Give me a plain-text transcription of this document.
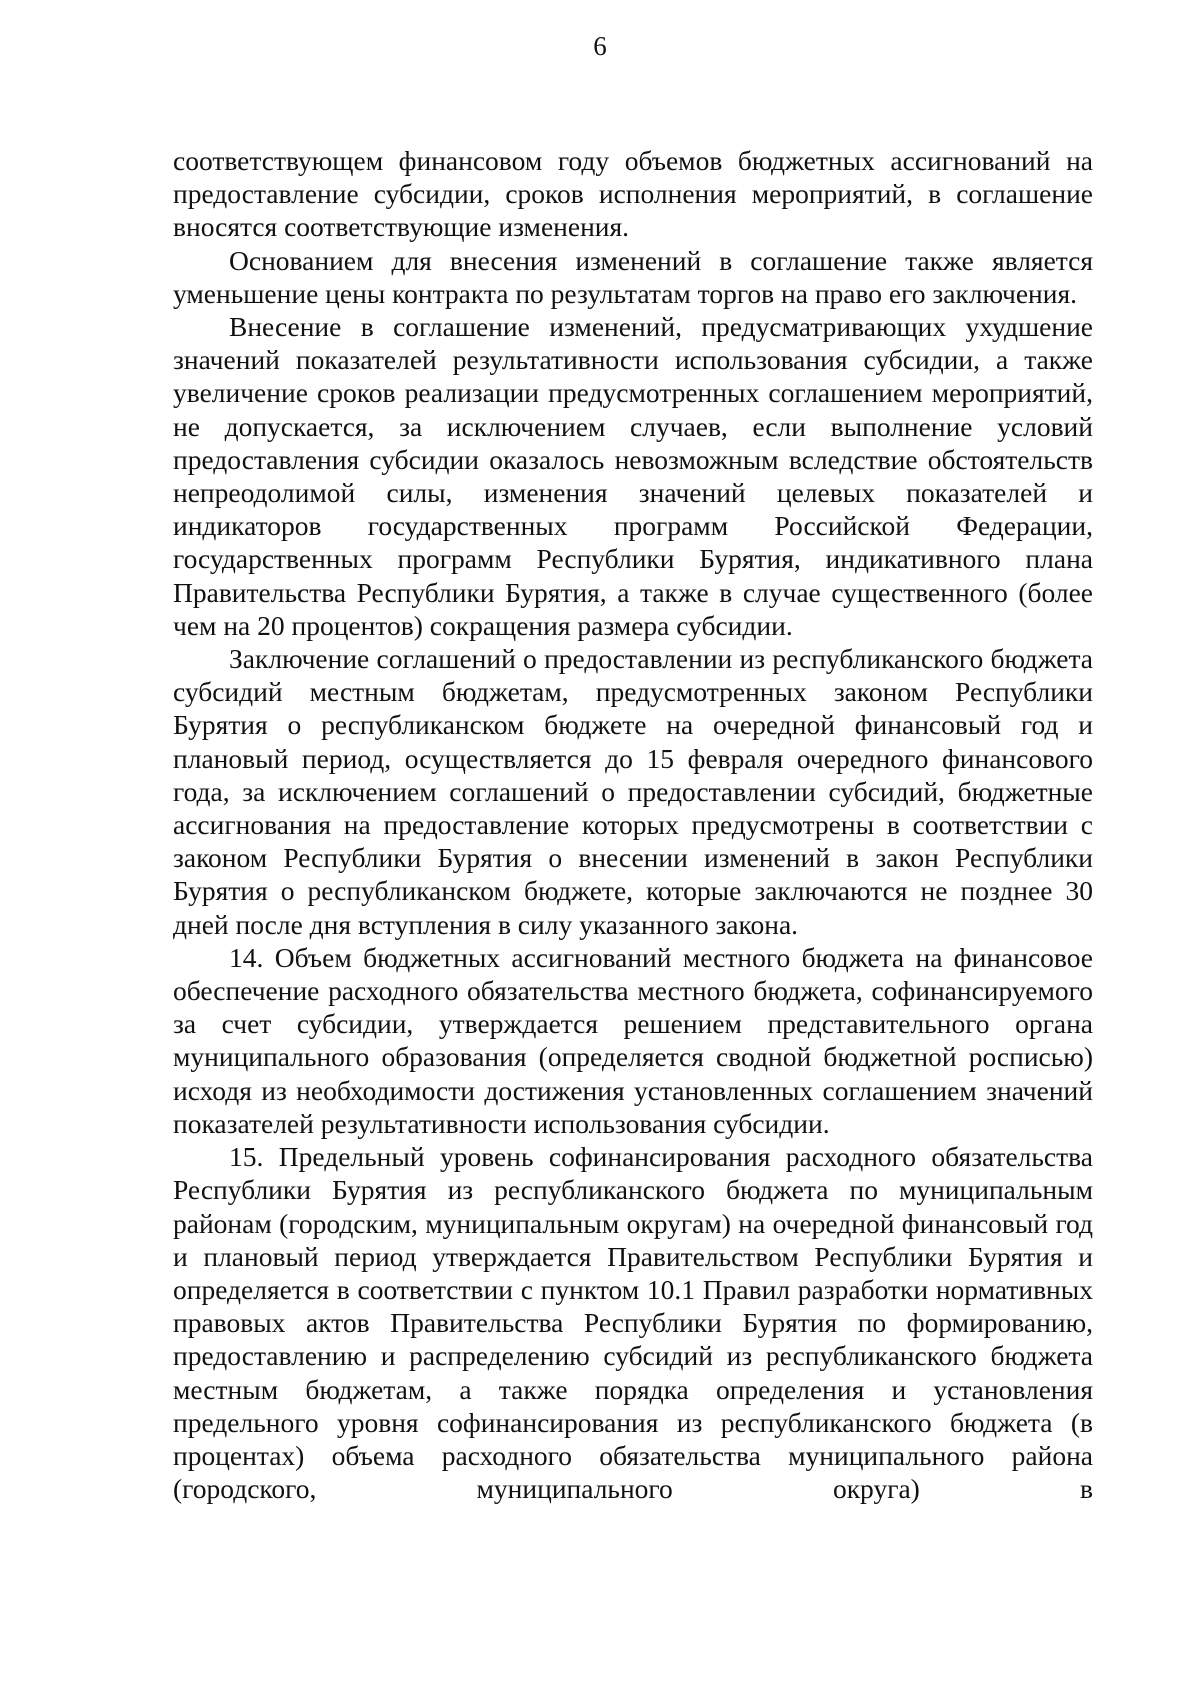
6

соответствующем финансовом году объемов бюджетных ассигнований на предоставление субсидии, сроков исполнения мероприятий, в соглашение вносятся соответствующие изменения.

Основанием для внесения изменений в соглашение также является уменьшение цены контракта по результатам торгов на право его заключения.

Внесение в соглашение изменений, предусматривающих ухудшение значений показателей результативности использования субсидии, а также увеличение сроков реализации предусмотренных соглашением мероприятий, не допускается, за исключением случаев, если выполнение условий предоставления субсидии оказалось невозможным вследствие обстоятельств непреодолимой силы, изменения значений целевых показателей и индикаторов государственных программ Российской Федерации, государственных программ Республики Бурятия, индикативного плана Правительства Республики Бурятия, а также в случае существенного (более чем на 20 процентов) сокращения размера субсидии.

Заключение соглашений о предоставлении из республиканского бюджета субсидий местным бюджетам, предусмотренных законом Республики Бурятия о республиканском бюджете на очередной финансовый год и плановый период, осуществляется до 15 февраля очередного финансового года, за исключением соглашений о предоставлении субсидий, бюджетные ассигнования на предоставление которых предусмотрены в соответствии с законом Республики Бурятия о внесении изменений в закон Республики Бурятия о республиканском бюджете, которые заключаются не позднее 30 дней после дня вступления в силу указанного закона.

14. Объем бюджетных ассигнований местного бюджета на финансовое обеспечение расходного обязательства местного бюджета, софинансируемого за счет субсидии, утверждается решением представительного органа муниципального образования (определяется сводной бюджетной росписью) исходя из необходимости достижения установленных соглашением значений показателей результативности использования субсидии.

15. Предельный уровень софинансирования расходного обязательства Республики Бурятия из республиканского бюджета по муниципальным районам (городским, муниципальным округам) на очередной финансовый год и плановый период утверждается Правительством Республики Бурятия и определяется в соответствии с пунктом 10.1 Правил разработки нормативных правовых актов Правительства Республики Бурятия по формированию, предоставлению и распределению субсидий из республиканского бюджета местным бюджетам, а также порядка определения и установления предельного уровня софинансирования из республиканского бюджета (в процентах) объема расходного обязательства муниципального района (городского, муниципального округа) в
